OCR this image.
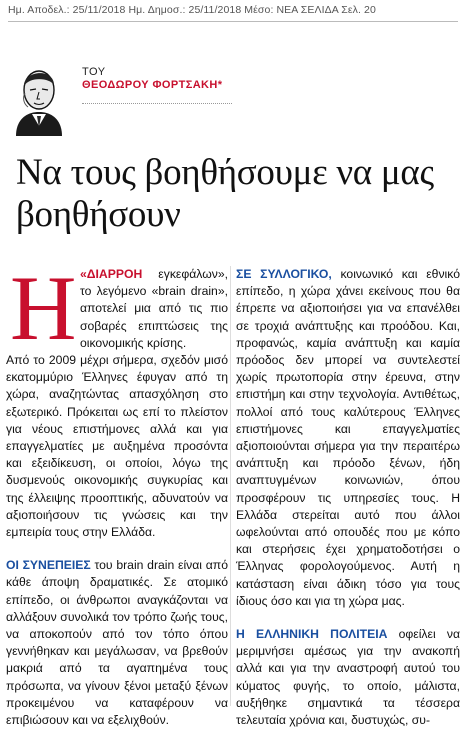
Ημ. Αποδελ.: 25/11/2018 Ημ. Δημοσ.: 25/11/2018 Μέσο: ΝΕΑ ΣΕΛΙΔΑ Σελ. 20
ΤΟΥ
ΘΕΟΔΩΡΟΥ ΦΟΡΤΣΑΚΗ*
Να τους βοηθήσουμε να μας βοηθήσουν
Η «ΔΙΑΡΡΟΗ εγκεφάλων», το λεγόμενο «brain drain», αποτελεί μια από τις πιο σοβαρές επιπτώσεις της οικονομικής κρίσης.

Από το 2009 μέχρι σήμερα, σχεδόν μισό εκατομμύριο Έλληνες έφυγαν από τη χώρα, αναζητώντας απασχόληση στο εξωτερικό. Πρόκειται ως επί το πλείστον για νέους επιστήμονες αλλά και για επαγγελματίες με αυξημένα προσόντα και εξειδίκευση, οι οποίοι, λόγω της δυσμενούς οικονομικής συγκυρίας και της έλλειψης προοπτικής, αδυνατούν να αξιοποιήσουν τις γνώσεις και την εμπειρία τους στην Ελλάδα.

ΟΙ ΣΥΝΕΠΕΙΕΣ του brain drain είναι από κάθε άποψη δραματικές. Σε ατομικό επίπεδο, οι άνθρωποι αναγκάζονται να αλλάξουν συνολικά τον τρόπο ζωής τους, να αποκοπούν από τον τόπο όπου γεννήθηκαν και μεγάλωσαν, να βρεθούν μακριά από τα αγαπημένα τους πρόσωπα, να γίνουν ξένοι μεταξύ ξένων προκειμένου να καταφέρουν να επιβιώσουν και να εξελιχθούν.

ΣΕ ΣΥΛΛΟΓΙΚΟ, κοινωνικό και εθνικό επίπεδο, η χώρα χάνει εκείνους που θα έπρεπε να αξιοποιήσει για να επανέλθει σε τροχιά ανάπτυξης και προόδου. Και, προφανώς, καμία ανάπτυξη και καμία πρόοδος δεν μπορεί να συντελεστεί χωρίς πρωτοπορία στην έρευνα, στην επιστήμη και στην τεχνολογία. Αντιθέτως, πολλοί από τους καλύτερους Έλληνες επιστήμονες και επαγγελματίες αξιοποιούνται σήμερα για την περαιτέρω ανάπτυξη και πρόοδο ξένων, ήδη αναπτυγμένων κοινωνιών, όπου προσφέρουν τις υπηρεσίες τους. Η Ελλάδα στερείται αυτό που άλλοι ωφελούνται από οπουδές που με κόπο και στερήσεις έχει χρηματοδοτήσει ο Έλληνας φορολογούμενος. Αυτή η κατάσταση είναι άδικη τόσο για τους ίδιους όσο και για τη χώρα μας.

Η ΕΛΛΗΝΙΚΗ ΠΟΛΙΤΕΙΑ οφείλει να μεριμνήσει αμέσως για την ανακοπή αλλά και για την αναστροφή αυτού του κύματος φυγής, το οποίο, μάλιστα, αυξήθηκε σημαντικά τα τέσσερα τελευταία χρόνια και, δυστυχώς, συ-
